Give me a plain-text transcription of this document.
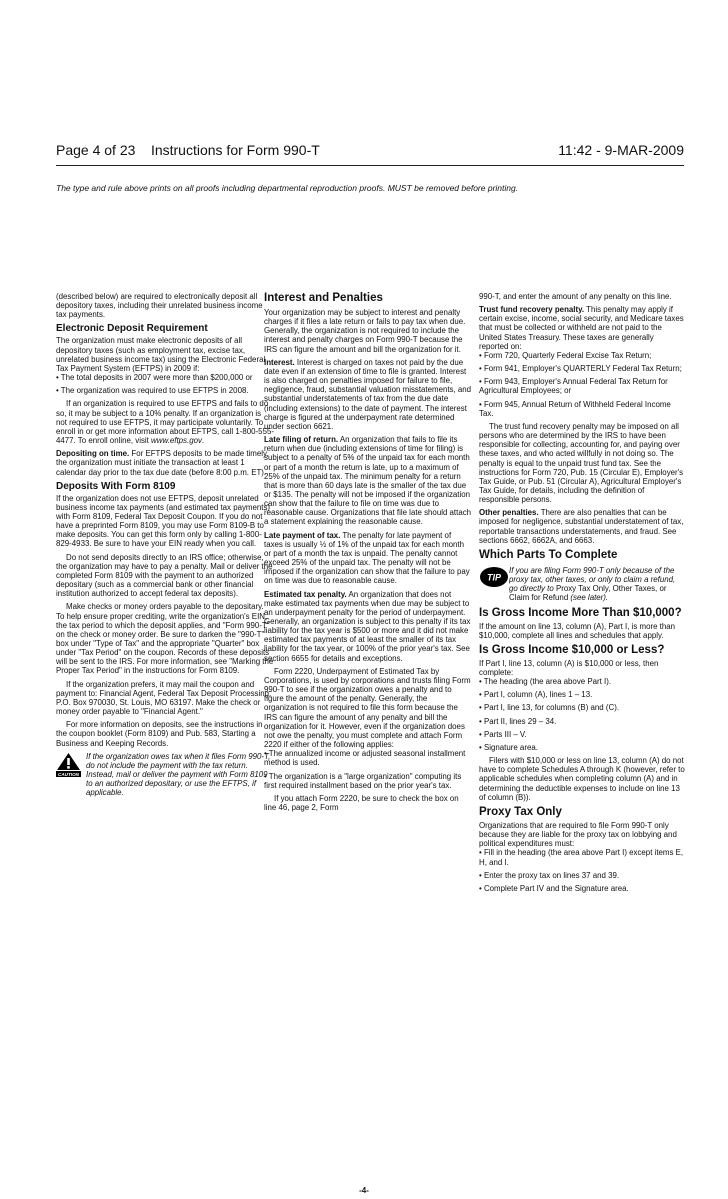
Page 4 of 23    Instructions for Form 990-T	11:42 - 9-MAR-2009
The type and rule above prints on all proofs including departmental reproduction proofs. MUST be removed before printing.

(described below) are required to electronically deposit all depository taxes, including their unrelated business income tax payments.

Electronic Deposit Requirement

The organization must make electronic deposits of all depository taxes (such as employment tax, excise tax, unrelated business income tax) using the Electronic Federal Tax Payment System (EFTPS) in 2009 if:

• The total deposits in 2007 were more than $200,000 or

• The organization was required to use EFTPS in 2008.

If an organization is required to use EFTPS and fails to do so, it may be subject to a 10% penalty. If an organization is not required to use EFTPS, it may participate voluntarily. To enroll in or get more information about EFTPS, call 1-800-555-4477. To enroll online, visit www.eftps.gov.

Depositing on time. For EFTPS deposits to be made timely, the organization must initiate the transaction at least 1 calendar day prior to the tax due date (before 8:00 p.m. ET).

Deposits With Form 8109

If the organization does not use EFTPS, deposit unrelated business income tax payments (and estimated tax payments) with Form 8109, Federal Tax Deposit Coupon. If you do not have a preprinted Form 8109, you may use Form 8109-B to make deposits. You can get this form only by calling 1-800-829-4933. Be sure to have your EIN ready when you call.

Do not send deposits directly to an IRS office; otherwise, the organization may have to pay a penalty. Mail or deliver the completed Form 8109 with the payment to an authorized depositary (such as a commercial bank or other financial institution authorized to accept federal tax deposits).

Make checks or money orders payable to the depositary. To help ensure proper crediting, write the organization's EIN, the tax period to which the deposit applies, and "Form 990-T" on the check or money order. Be sure to darken the "990-T" box under "Type of Tax" and the appropriate "Quarter" box under "Tax Period" on the coupon. Records of these deposits will be sent to the IRS. For more information, see "Marking the Proper Tax Period" in the instructions for Form 8109.

If the organization prefers, it may mail the coupon and payment to: Financial Agent, Federal Tax Deposit Processing, P.O. Box 970030, St. Louis, MO 63197. Make the check or money order payable to "Financial Agent."

For more information on deposits, see the instructions in the coupon booklet (Form 8109) and Pub. 583, Starting a Business and Keeping Records.

CAUTION
If the organization owes tax when it files Form 990-T, do not include the payment with the tax return. Instead, mail or deliver the payment with Form 8109 to an authorized depositary, or use the EFTPS, if applicable.
Interest and Penalties

Your organization may be subject to interest and penalty charges if it files a late return or fails to pay tax when due. Generally, the organization is not required to include the interest and penalty charges on Form 990-T because the IRS can figure the amount and bill the organization for it.

Interest. Interest is charged on taxes not paid by the due date even if an extension of time to file is granted. Interest is also charged on penalties imposed for failure to file, negligence, fraud, substantial valuation misstatements, and substantial understatements of tax from the due date (including extensions) to the date of payment. The interest charge is figured at the underpayment rate determined under section 6621.

Late filing of return. An organization that fails to file its return when due (including extensions of time for filing) is subject to a penalty of 5% of the unpaid tax for each month or part of a month the return is late, up to a maximum of 25% of the unpaid tax. The minimum penalty for a return that is more than 60 days late is the smaller of the tax due or $135. The penalty will not be imposed if the organization can show that the failure to file on time was due to reasonable cause. Organizations that file late should attach a statement explaining the reasonable cause.

Late payment of tax. The penalty for late payment of taxes is usually ½ of 1% of the unpaid tax for each month or part of a month the tax is unpaid. The penalty cannot exceed 25% of the unpaid tax. The penalty will not be imposed if the organization can show that the failure to pay on time was due to reasonable cause.

Estimated tax penalty. An organization that does not make estimated tax payments when due may be subject to an underpayment penalty for the period of underpayment. Generally, an organization is subject to this penalty if its tax liability for the tax year is $500 or more and it did not make estimated tax payments of at least the smaller of its tax liability for the tax year, or 100% of the prior year's tax. See section 6655 for details and exceptions.

Form 2220, Underpayment of Estimated Tax by Corporations, is used by corporations and trusts filing Form 990-T to see if the organization owes a penalty and to figure the amount of the penalty. Generally, the organization is not required to file this form because the IRS can figure the amount of any penalty and bill the organization for it. However, even if the organization does not owe the penalty, you must complete and attach Form 2220 if either of the following applies:

• The annualized income or adjusted seasonal installment method is used.

• The organization is a "large organization" computing its first required installment based on the prior year's tax.

If you attach Form 2220, be sure to check the box on line 46, page 2, Form

990-T, and enter the amount of any penalty on this line.

Trust fund recovery penalty. This penalty may apply if certain excise, income, social security, and Medicare taxes that must be collected or withheld are not paid to the United States Treasury. These taxes are generally reported on:

• Form 720, Quarterly Federal Excise Tax Return;

• Form 941, Employer's QUARTERLY Federal Tax Return;

• Form 943, Employer's Annual Federal Tax Return for Agricultural Employees; or

• Form 945, Annual Return of Withheld Federal Income Tax.

The trust fund recovery penalty may be imposed on all persons who are determined by the IRS to have been responsible for collecting, accounting for, and paying over these taxes, and who acted willfully in not doing so. The penalty is equal to the unpaid trust fund tax. See the instructions for Form 720, Pub. 15 (Circular E), Employer's Tax Guide, or Pub. 51 (Circular A), Agricultural Employer's Tax Guide, for details, including the definition of responsible persons.

Other penalties. There are also penalties that can be imposed for negligence, substantial understatement of tax, reportable transactions understatements, and fraud. See sections 6662, 6662A, and 6663.

Which Parts To Complete
TIP
If you are filing Form 990-T only because of the proxy tax, other taxes, or only to claim a refund, go directly to Proxy Tax Only, Other Taxes, or Claim for Refund (see later).
Is Gross Income More Than $10,000?

If the amount on line 13, column (A), Part I, is more than $10,000, complete all lines and schedules that apply.

Is Gross Income $10,000 or Less?

If Part I, line 13, column (A) is $10,000 or less, then complete:

• The heading (the area above Part I).

• Part I, column (A), lines 1 – 13.

• Part I, line 13, for columns (B) and (C).

• Part II, lines 29 – 34.

• Parts III – V.

• Signature area.

Filers with $10,000 or less on line 13, column (A) do not have to complete Schedules A through K (however, refer to applicable schedules when completing column (A) and in determining the deductible expenses to include on line 13 of column (B)).

Proxy Tax Only

Organizations that are required to file Form 990-T only because they are liable for the proxy tax on lobbying and political expenditures must:

• Fill in the heading (the area above Part I) except items E, H, and I.

• Enter the proxy tax on lines 37 and 39.

• Complete Part IV and the Signature area.

-4-
